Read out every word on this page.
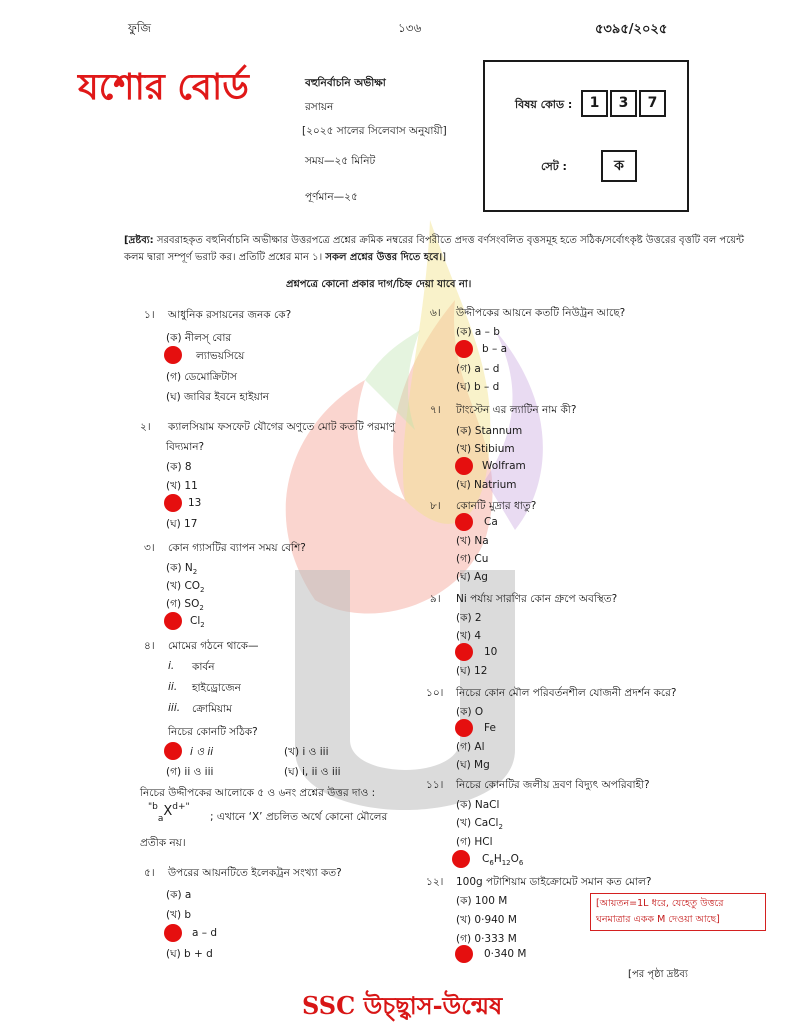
ফুজি	১৩৬	৫৩৯৫/২০২৫
যশোর বোর্ড	বহুনির্বাচনি অভীক্ষা
রসায়ন
[২০২৫ সালের সিলেবাস অনুযায়ী]
সময়—২৫ মিনিট
পূর্ণমান—২৫
বিষয় কোড :	1	3	7
সেট :	ক
[দ্রষ্টব্য: সরবরাহকৃত বহুনির্বাচনি অভীক্ষার উত্তরপত্রে প্রশ্নের ক্রমিক নম্বরের বিপরীতে প্রদত্ত বর্ণসংবলিত বৃত্তসমূহ হতে সঠিক/সর্বোৎকৃষ্ট উত্তরের বৃত্তটি বল পয়েন্ট কলম দ্বারা সম্পূর্ণ ভরাট কর। প্রতিটি প্রশ্নের মান ১। সকল প্রশ্নের উত্তর দিতে হবে।]
প্রশ্নপত্রে কোনো প্রকার দাগ/চিহ্ন দেয়া যাবে না।
১। আধুনিক রসায়নের জনক কে?
(ক) নীলস্ বোর
ল্যাভয়সিয়ে
(গ) ডেমোক্রিটাস
(ঘ) জাবির ইবনে হাইয়ান
২। ক্যালসিয়াম ফসফেট যৌগের অণুতে মোট কতটি পরমাণু
বিদ্যমান?
(ক) 8
(খ) 11
13
(ঘ) 17
৩। কোন গ্যাসটির ব্যাপন সময় বেশি?
(ক) $N_2$
(খ) $CO_2$
(গ) $SO_2$
$Cl_2$
৪। মোমের গঠনে থাকে—
i. কার্বন
ii. হাইড্রোজেন
iii. ক্রোমিয়াম
নিচের কোনটি সঠিক?
i ও ii	(খ) i ও iii
(গ) ii ও iii	(ঘ) i, ii ও iii
নিচের উদ্দীপকের আলোকে ৫ ও ৬নং প্রশ্নের উত্তর দাও :
$^{"b}_aX^{d+"}$
; এখানে ‘X’ প্রচলিত অর্থে কোনো মৌলের
প্রতীক নয়।
৫। উপরের আয়নটিতে ইলেকট্রন সংখ্যা কত?
(ক) a
(খ) b
a – d
(ঘ) b + d
৬। উদ্দীপকের আয়নে কতটি নিউট্রন আছে?
(ক) a – b
b – a
(গ) a – d
(ঘ) b – d
৭। টাংস্টেন এর ল্যাটিন নাম কী?
(ক) Stannum
(খ) Stibium
Wolfram
(ঘ) Natrium
৮। কোনটি মুদ্রার ধাতু?
Ca
(খ) Na
(গ) Cu
(ঘ) Ag
৯। Ni পর্যায় সারণির কোন গ্রুপে অবস্থিত?
(ক) 2
(খ) 4
10
(ঘ) 12
১০। নিচের কোন মৌল পরিবর্তনশীল যোজনী প্রদর্শন করে?
(ক) O
Fe
(গ) Al
(ঘ) Mg
১১। নিচের কোনটির জলীয় দ্রবণ বিদ্যুৎ অপরিবাহী?
(ক) NaCl
(খ) CaCl$_2$
(গ) HCl
$C_6H_{12}O_6$
১২। 100g পটাশিয়াম ডাইক্রোমেট সমান কত মোল?
(ক) 100 M
(খ) 0·940 M
(গ) 0·333 M
0·340 M
[আয়তন=1L ধরে, যেহেতু উত্তরে ঘনমাত্রার একক M দেওয়া আছে]
[পর পৃষ্ঠা দ্রষ্টব্য
SSC উচ্ছ্বাস-উন্মেষ
